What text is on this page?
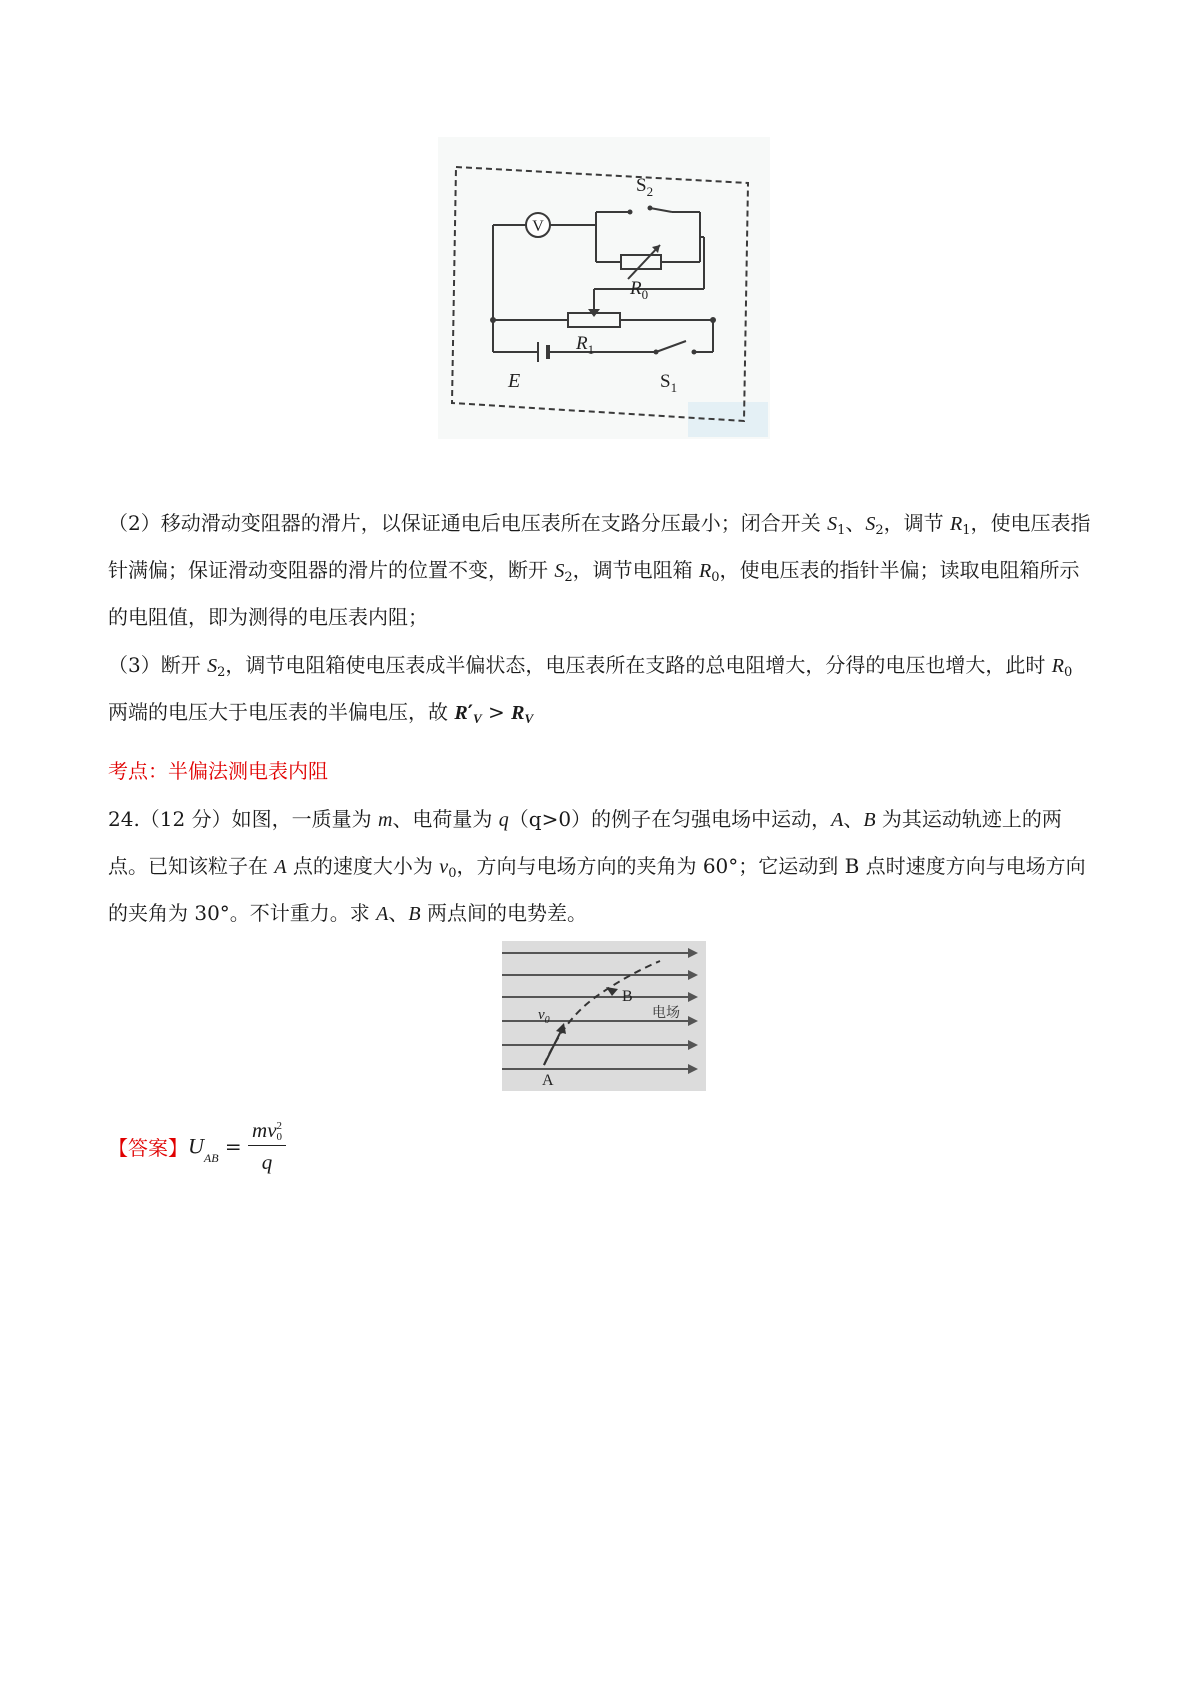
V
$S_2$
$R_0$
$R_1$
E	$S_1$
（2）移动滑动变阻器的滑片，以保证通电后电压表所在支路分压最小；闭合开关 $S_1$、$S_2$，调节 $R_1$，使电压表指针满偏；保证滑动变阻器的滑片的位置不变，断开 $S_2$，调节电阻箱 $R_0$，使电压表的指针半偏；读取电阻箱所示的电阻值，即为测得的电压表内阻；
（3）断开 $S_2$，调节电阻箱使电压表成半偏状态，电压表所在支路的总电阻增大，分得的电压也增大，此时 $R_0$ 两端的电压大于电压表的半偏电压，故 $R'_V > R_V$
考点：半偏法测电表内阻
24.（12 分）如图，一质量为 m、电荷量为 q（q>0）的例子在匀强电场中运动，A、B 为其运动轨迹上的两点。已知该粒子在 A 点的速度大小为 $v_0$，方向与电场方向的夹角为 60°；它运动到 B 点时速度方向与电场方向的夹角为 30°。不计重力。求 A、B 两点间的电势差。
$v_0$
B
A
电场
【答案】$U_{AB}$ = mv 2
0
q
